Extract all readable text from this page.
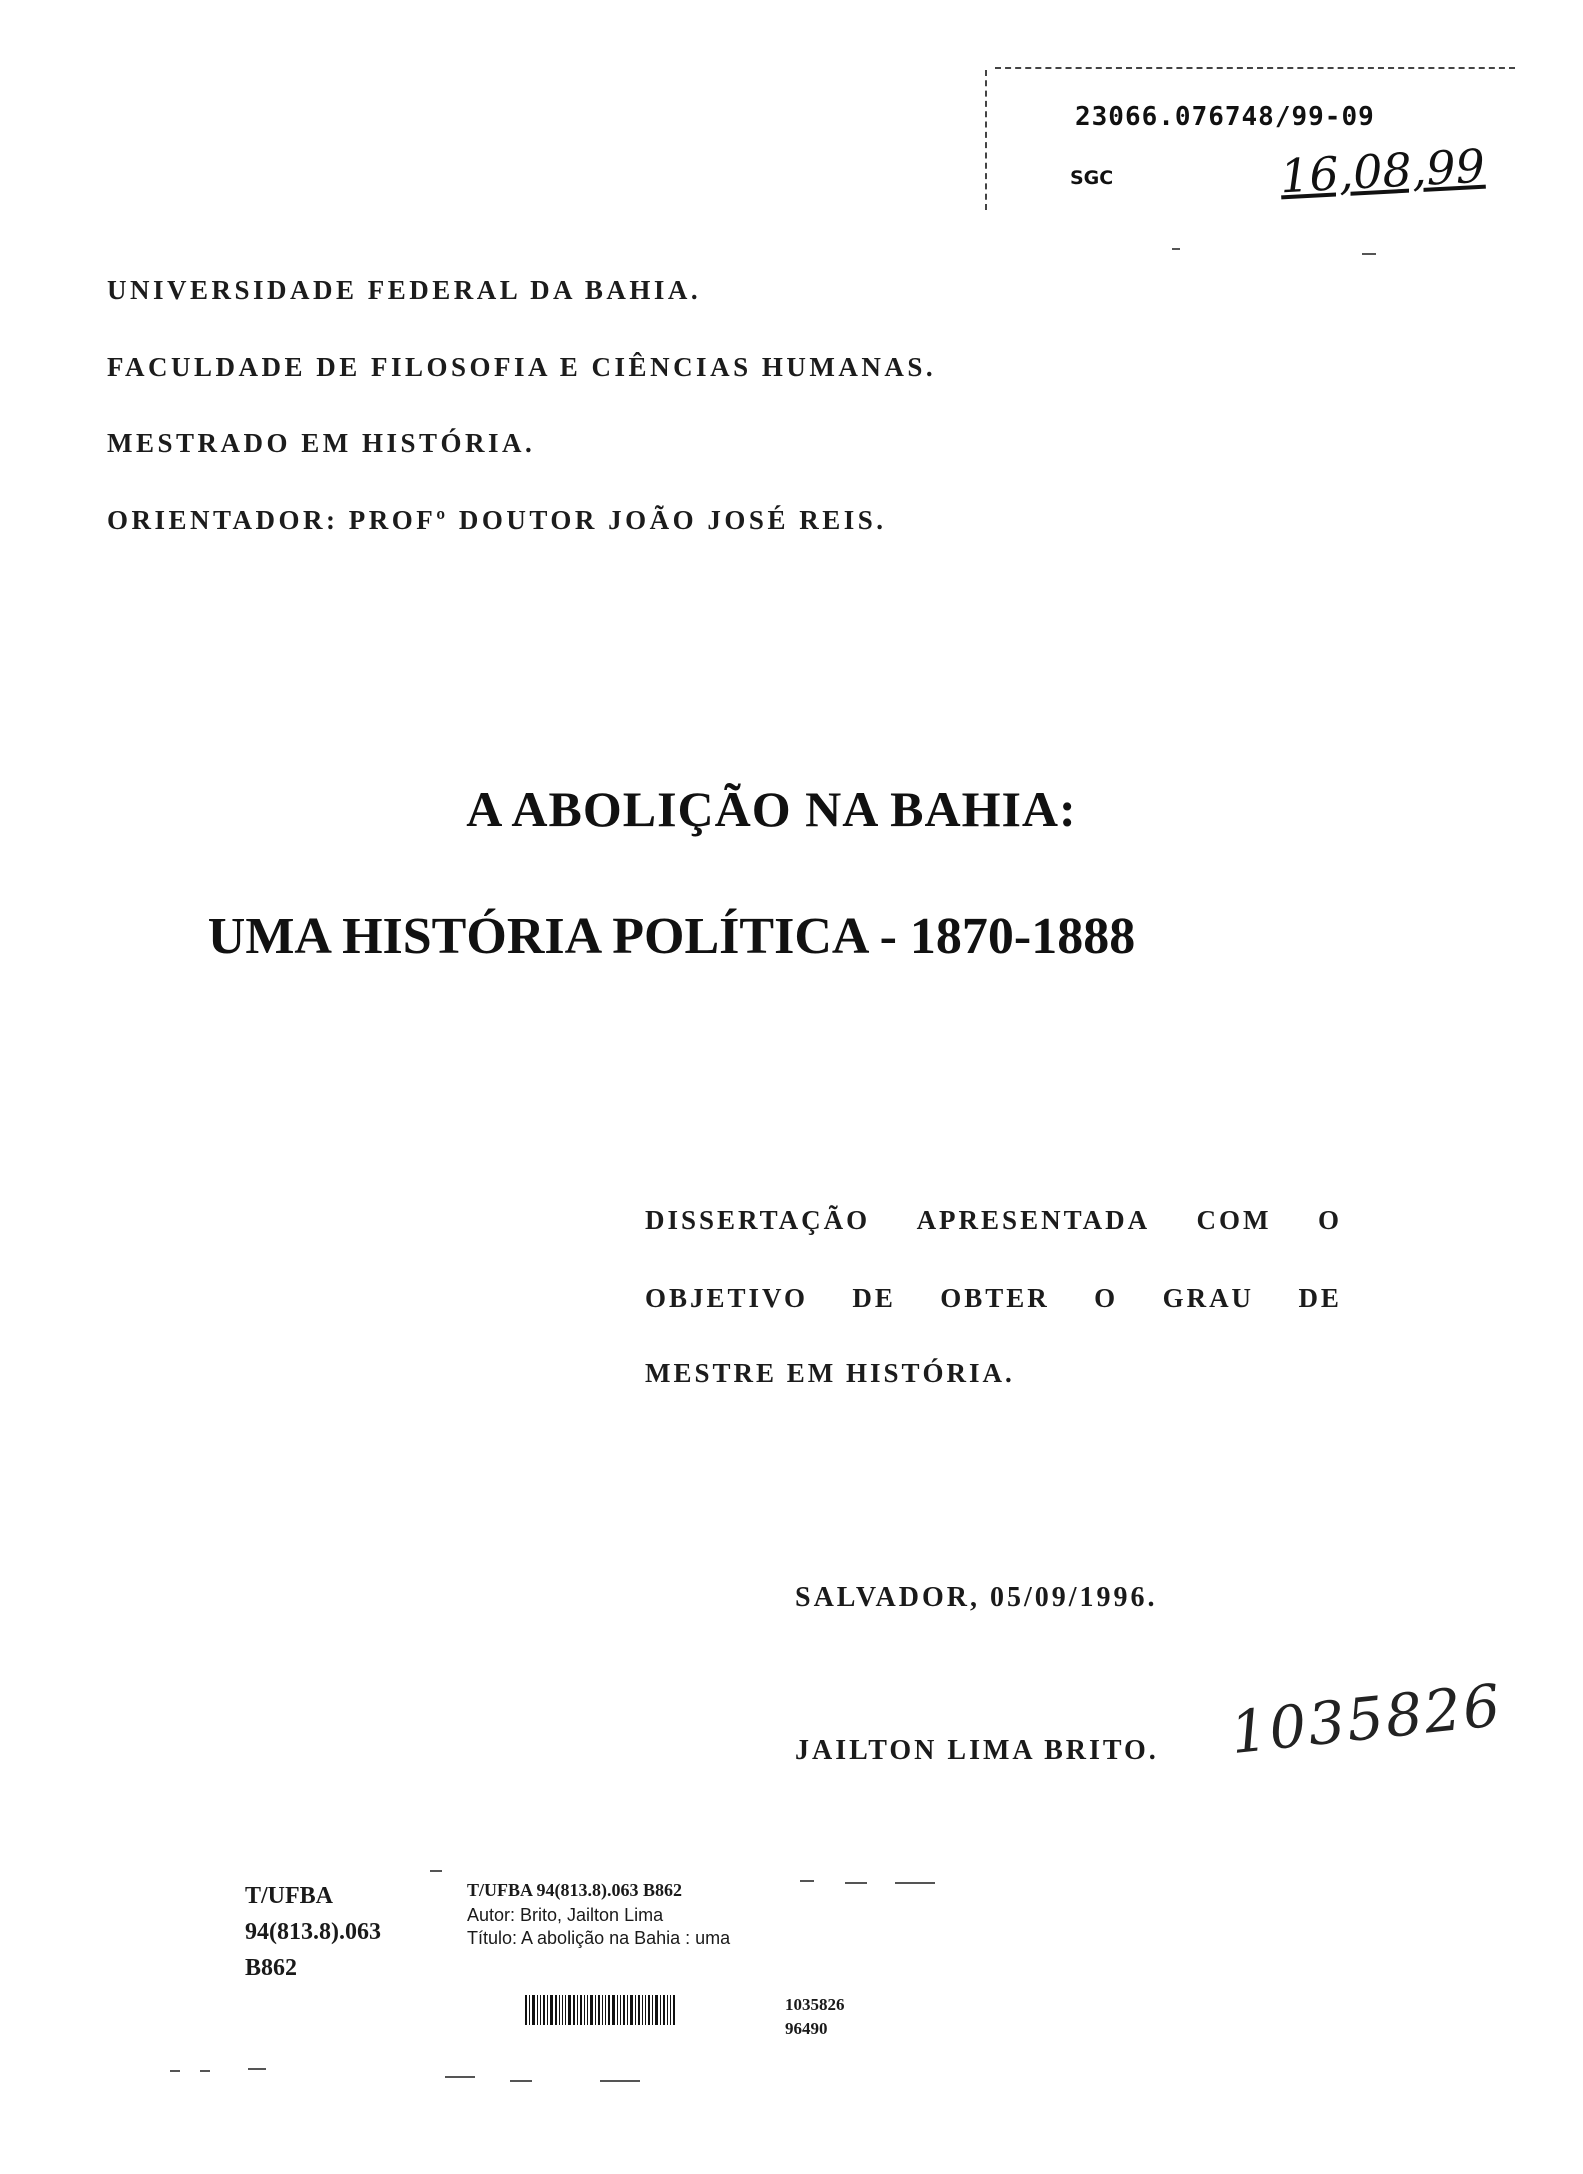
23066.076748/99-09
SGC	16,08,99
UNIVERSIDADE FEDERAL DA BAHIA.
FACULDADE DE FILOSOFIA E CIÊNCIAS HUMANAS.
MESTRADO EM HISTÓRIA.
ORIENTADOR: PROFº DOUTOR JOÃO JOSÉ REIS.
A ABOLIÇÃO NA BAHIA:
UMA HISTÓRIA POLÍTICA - 1870-1888
DISSERTAÇÃO APRESENTADA COM O
OBJETIVO DE OBTER O GRAU DE
MESTRE EM HISTÓRIA.
SALVADOR, 05/09/1996.
1035826
JAILTON LIMA BRITO.
T/UFBA
94(813.8).063
B862
T/UFBA 94(813.8).063 B862
Autor: Brito, Jailton Lima
Título: A abolição na Bahia : uma
1035826
96490
